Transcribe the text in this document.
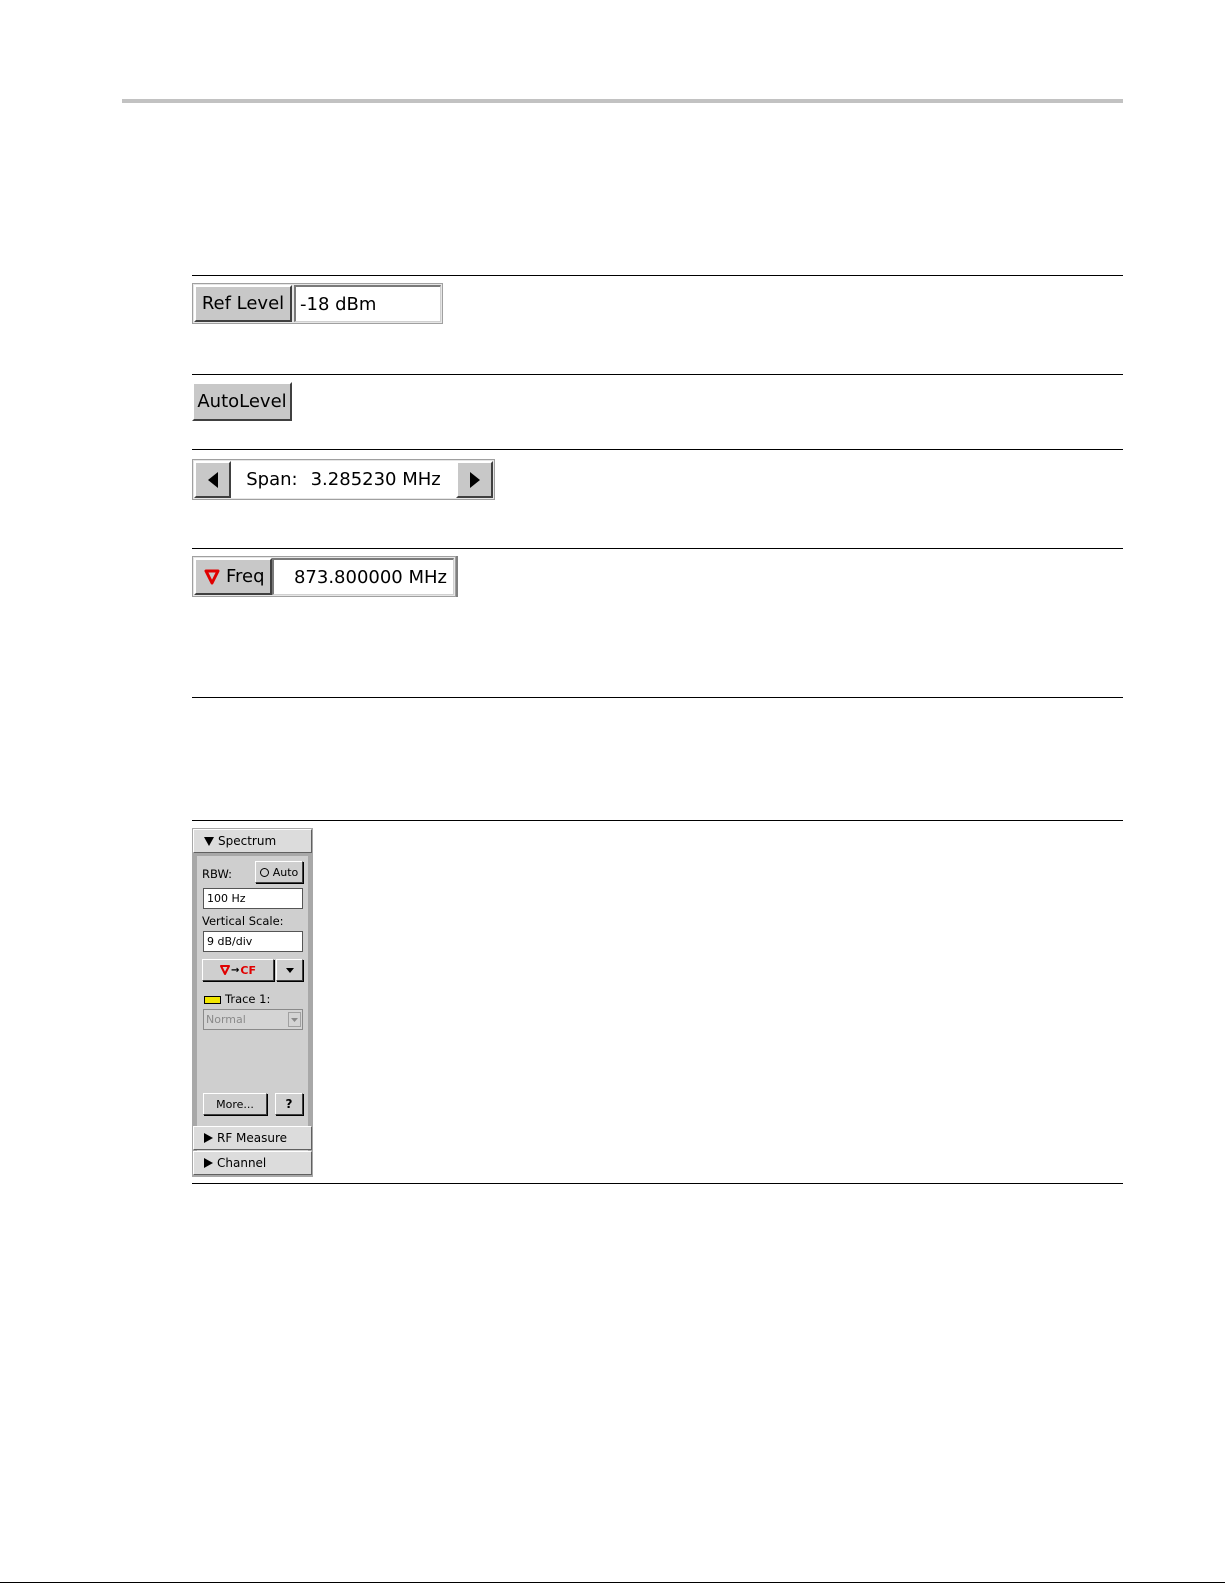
Ref Level -18 dBm
AutoLevel
Span: 3.285230 MHz
Freq	873.800000 MHz
Spectrum
RBW:	Auto
100 Hz
Vertical Scale:
9 dB/div
→ CF
Trace 1:
Normal
More...	?
RF Measure
Channel
